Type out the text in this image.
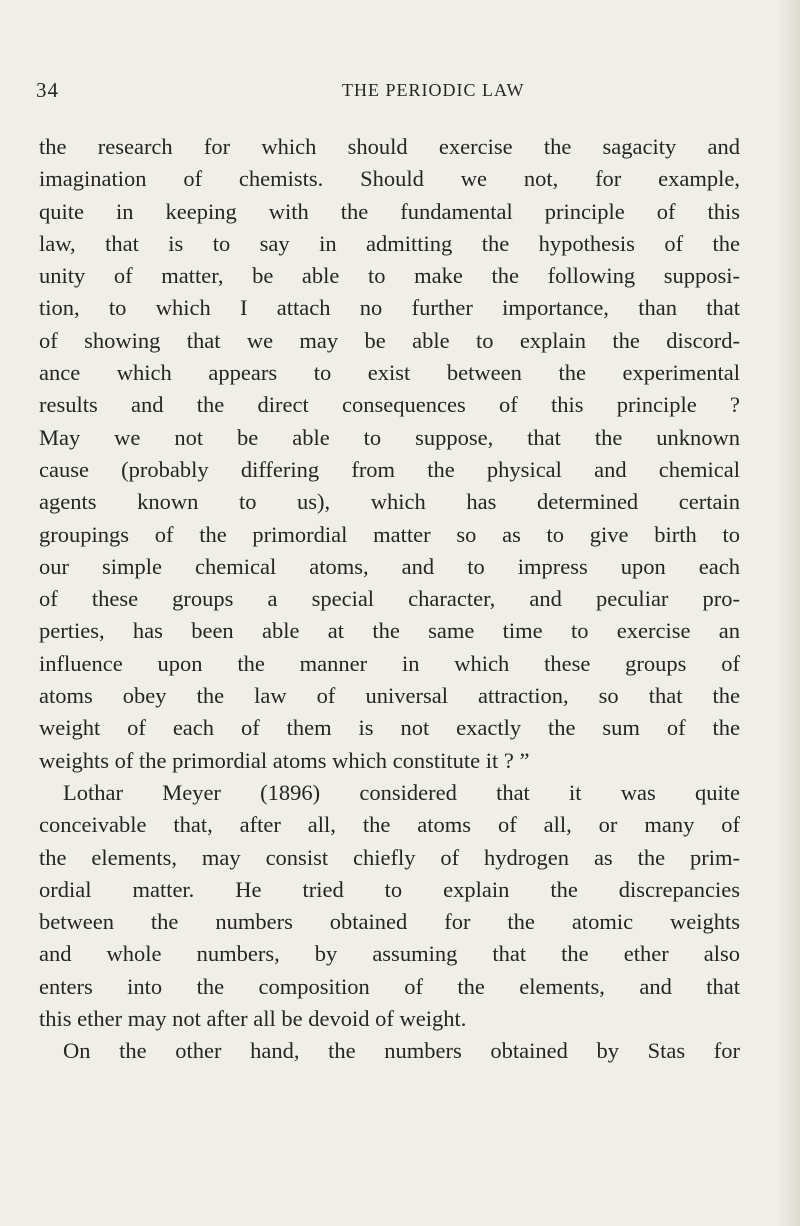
34	THE PERIODIC LAW
the research for which should exercise the sagacity and
imagination of chemists. Should we not, for example,
quite in keeping with the fundamental principle of this
law, that is to say in admitting the hypothesis of the
unity of matter, be able to make the following supposi-
tion, to which I attach no further importance, than that
of showing that we may be able to explain the discord-
ance which appears to exist between the experimental
results and the direct consequences of this principle ?
May we not be able to suppose, that the unknown
cause (probably differing from the physical and chemical
agents known to us), which has determined certain
groupings of the primordial matter so as to give birth to
our simple chemical atoms, and to impress upon each
of these groups a special character, and peculiar pro-
perties, has been able at the same time to exercise an
influence upon the manner in which these groups of
atoms obey the law of universal attraction, so that the
weight of each of them is not exactly the sum of the
weights of the primordial atoms which constitute it ? ”
Lothar Meyer (1896) considered that it was quite
conceivable that, after all, the atoms of all, or many of
the elements, may consist chiefly of hydrogen as the prim-
ordial matter. He tried to explain the discrepancies
between the numbers obtained for the atomic weights
and whole numbers, by assuming that the ether also
enters into the composition of the elements, and that
this ether may not after all be devoid of weight.
On the other hand, the numbers obtained by Stas for
